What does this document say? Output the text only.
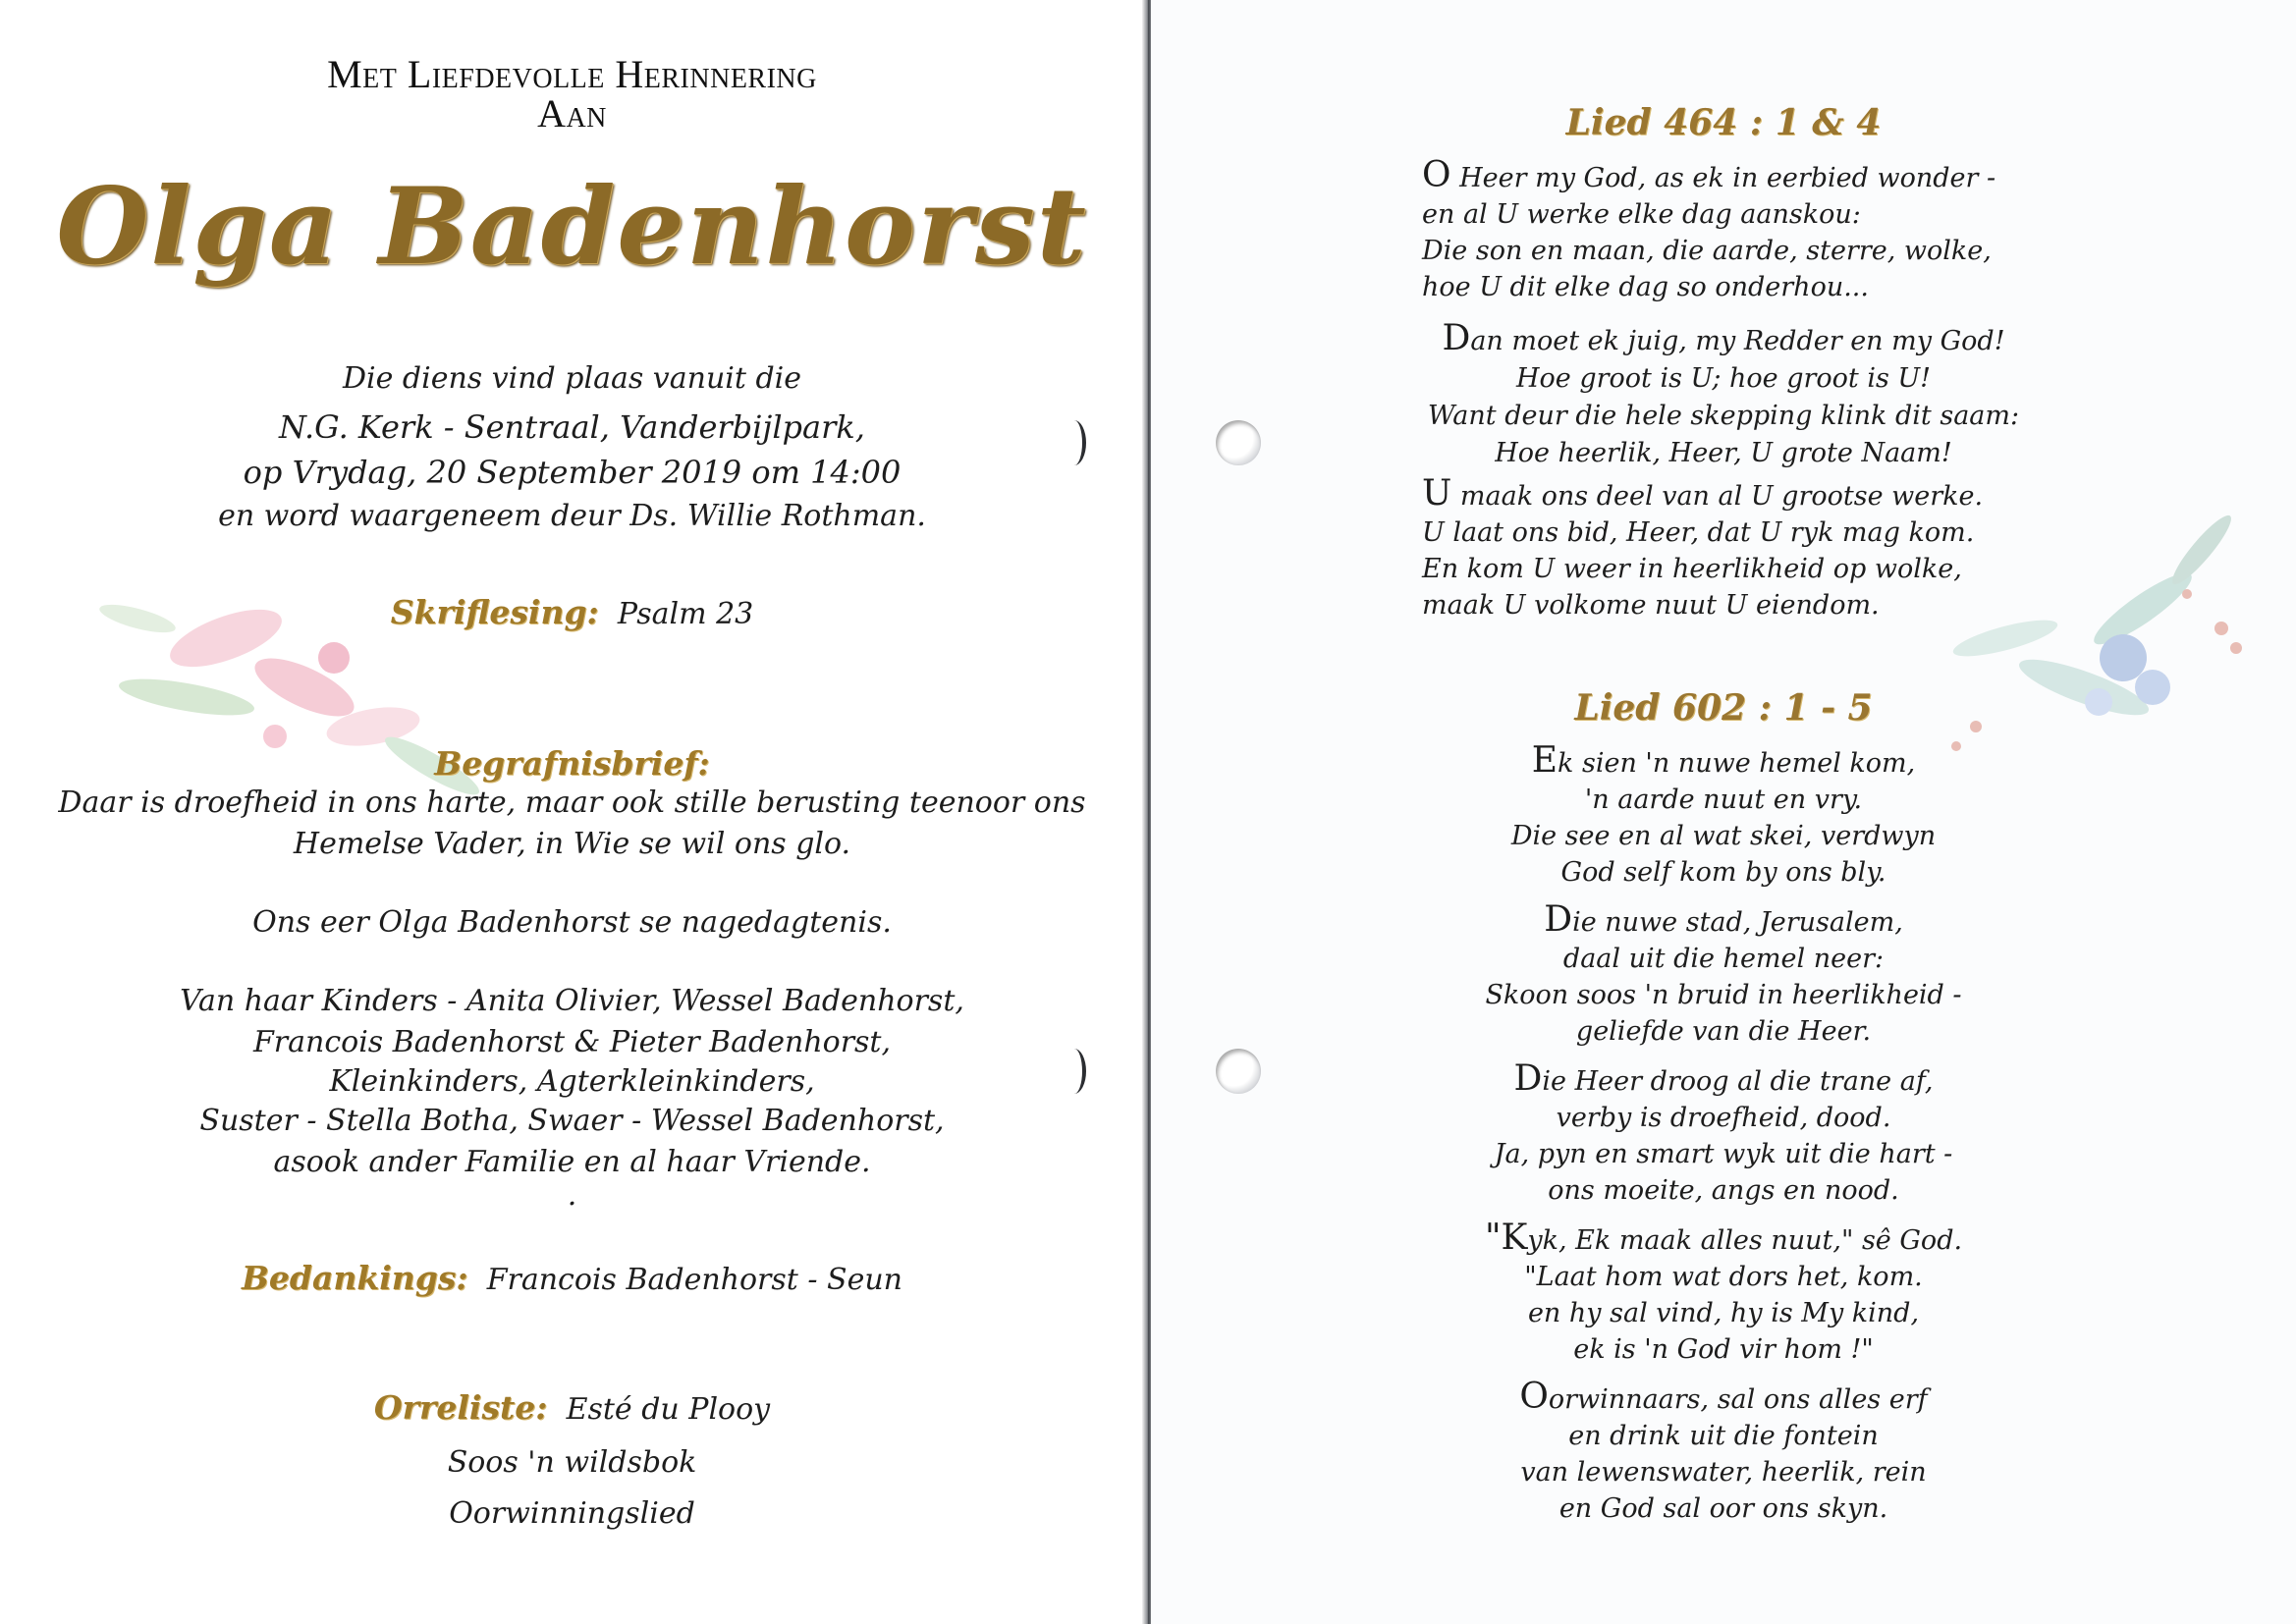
Met Liefdevolle Herinnering
Aan
Olga Badenhorst
Die diens vind plaas vanuit die
N.G. Kerk - Sentraal, Vanderbijlpark,
op Vrydag, 20 September 2019 om 14:00
en word waargeneem deur Ds. Willie Rothman.
Skriflesing: Psalm 23
Begrafnisbrief:
Daar is droefheid in ons harte, maar ook stille berusting teenoor ons
Hemelse Vader, in Wie se wil ons glo.
Ons eer Olga Badenhorst se nagedagtenis.
Van haar Kinders - Anita Olivier, Wessel Badenhorst,
Francois Badenhorst & Pieter Badenhorst,
Kleinkinders, Agterkleinkinders,
Suster - Stella Botha, Swaer - Wessel Badenhorst,
asook ander Familie en al haar Vriende.
.
Bedankings: Francois Badenhorst - Seun
Orreliste: Esté du Plooy
Soos 'n wildsbok
Oorwinningslied
Lied 464 : 1 & 4
O Heer my God, as ek in eerbied wonder -
en al U werke elke dag aanskou:
Die son en maan, die aarde, sterre, wolke,
hoe U dit elke dag so onderhou...
Dan moet ek juig, my Redder en my God!
Hoe groot is U; hoe groot is U!
Want deur die hele skepping klink dit saam:
Hoe heerlik, Heer, U grote Naam!
U maak ons deel van al U grootse werke.
U laat ons bid, Heer, dat U ryk mag kom.
En kom U weer in heerlikheid op wolke,
maak U volkome nuut U eiendom.
Lied 602 : 1 - 5
Ek sien 'n nuwe hemel kom,
'n aarde nuut en vry.
Die see en al wat skei, verdwyn
God self kom by ons bly.
Die nuwe stad, Jerusalem,
daal uit die hemel neer:
Skoon soos 'n bruid in heerlikheid -
geliefde van die Heer.
Die Heer droog al die trane af,
verby is droefheid, dood.
Ja, pyn en smart wyk uit die hart -
ons moeite, angs en nood.
"Kyk, Ek maak alles nuut," sê God.
"Laat hom wat dors het, kom.
en hy sal vind, hy is My kind,
ek is 'n God vir hom !"
Oorwinnaars, sal ons alles erf
en drink uit die fontein
van lewenswater, heerlik, rein
en God sal oor ons skyn.
